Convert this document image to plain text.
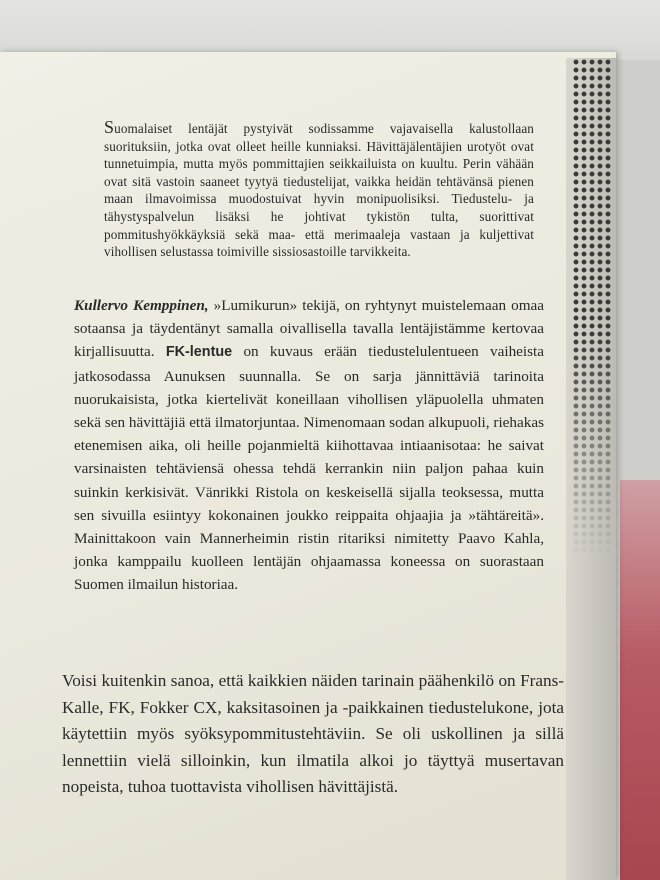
Suomalaiset lentäjät pystyivät sodissamme vajavaisella kalustollaan suorituksiin, jotka ovat olleet heille kunniaksi. Hävittäjälentäjien urotyöt ovat tunnetuimpia, mutta myös pommittajien seikkailuista on kuultu. Perin vähään ovat sitä vastoin saaneet tyytyä tiedustelijat, vaikka heidän tehtävänsä pienen maan ilmavoimissa muodostuivat hyvin monipuolisiksi. Tiedustelu- ja tähystyspalvelun lisäksi he johtivat tykistön tulta, suorittivat pommitushyökkäyksiä sekä maa- että merimaaleja vastaan ja kuljettivat vihollisen selustassa toimiville sissiosastoille tarvikkeita.

Kullervo Kemppinen, »Lumikurun» tekijä, on ryhtynyt muistelemaan omaa sotaansa ja täydentänyt samalla oivallisella tavalla lentäjistämme kertovaa kirjallisuutta. FK-lentue on kuvaus erään tiedustelulentueen vaiheista jatkosodassa Aunuksen suunnalla. Se on sarja jännittäviä tarinoita nuorukaisista, jotka kiertelivät koneillaan vihollisen yläpuolella uhmaten sekä sen hävittäjiä että ilmatorjuntaa. Nimenomaan sodan alkupuoli, riehakas etenemisen aika, oli heille pojanmieltä kiihottavaa intiaanisotaa: he saivat varsinaisten tehtäviensä ohessa tehdä kerrankin niin paljon pahaa kuin suinkin kerkisivät. Vänrikki Ristola on keskeisellä sijalla teoksessa, mutta sen sivuilla esiintyy kokonainen joukko reippaita ohjaajia ja »tähtäreitä». Mainittakoon vain Mannerheimin ristin ritariksi nimitetty Paavo Kahla, jonka kamppailu kuolleen lentäjän ohjaamassa koneessa on suorastaan Suomen ilmailun historiaa.

Voisi kuitenkin sanoa, että kaikkien näiden tarinain päähenkilö on Frans-Kalle, FK, Fokker CX, kaksitasoinen ja -paikkainen tiedustelukone, jota käytettiin myös syöksypommitustehtäviin. Se oli uskollinen ja sillä lennettiin vielä silloinkin, kun ilmatila alkoi jo täyttyä musertavan nopeista, tuhoa tuottavista vihollisen hävittäjistä.
